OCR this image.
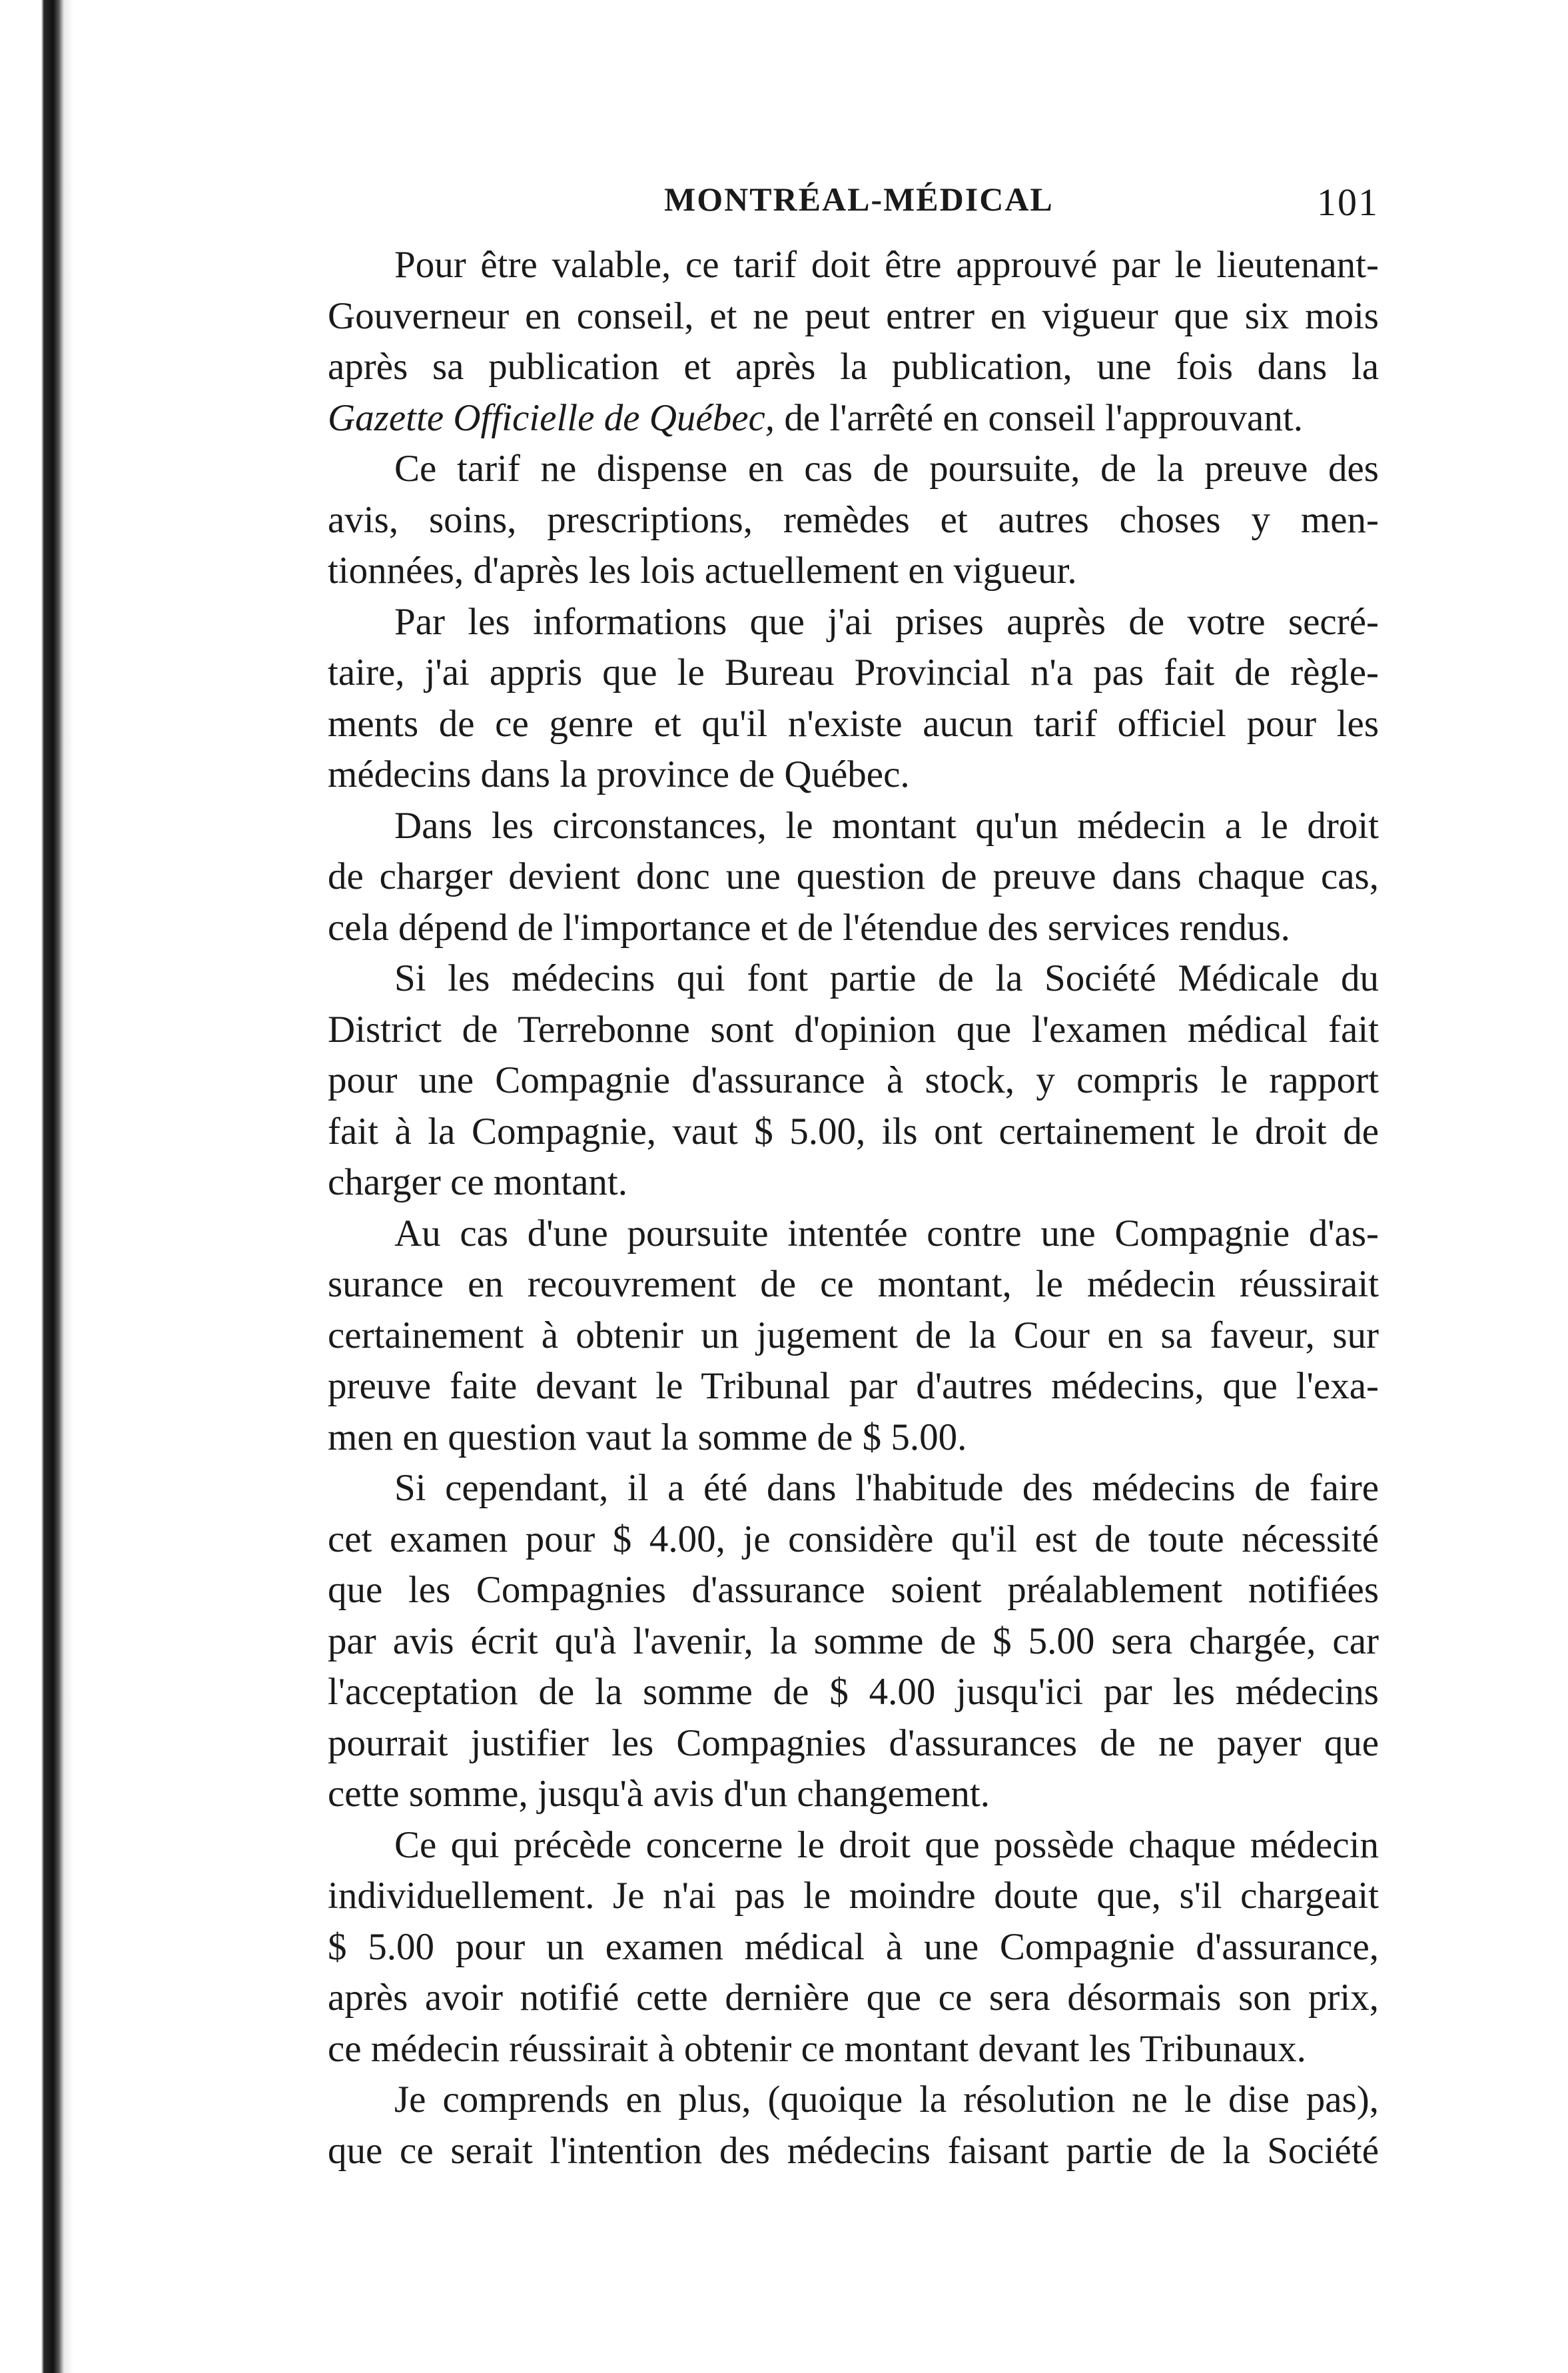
MONTRÉAL-MÉDICAL	101

Pour être valable, ce tarif doit être approuvé par le lieutenant-
Gouverneur en conseil, et ne peut entrer en vigueur que six mois
après sa publication et après la publication, une fois dans la
Gazette Officielle de Québec, de l'arrêté en conseil l'approuvant.

Ce tarif ne dispense en cas de poursuite, de la preuve des
avis, soins, prescriptions, remèdes et autres choses y men-
tionnées, d'après les lois actuellement en vigueur.

Par les informations que j'ai prises auprès de votre secré-
taire, j'ai appris que le Bureau Provincial n'a pas fait de règle-
ments de ce genre et qu'il n'existe aucun tarif officiel pour les
médecins dans la province de Québec.

Dans les circonstances, le montant qu'un médecin a le droit
de charger devient donc une question de preuve dans chaque cas,
cela dépend de l'importance et de l'étendue des services rendus.

Si les médecins qui font partie de la Société Médicale du
District de Terrebonne sont d'opinion que l'examen médical fait
pour une Compagnie d'assurance à stock, y compris le rapport
fait à la Compagnie, vaut $ 5.00, ils ont certainement le droit de
charger ce montant.

Au cas d'une poursuite intentée contre une Compagnie d'as-
surance en recouvrement de ce montant, le médecin réussirait
certainement à obtenir un jugement de la Cour en sa faveur, sur
preuve faite devant le Tribunal par d'autres médecins, que l'exa-
men en question vaut la somme de $ 5.00.

Si cependant, il a été dans l'habitude des médecins de faire
cet examen pour $ 4.00, je considère qu'il est de toute nécessité
que les Compagnies d'assurance soient préalablement notifiées
par avis écrit qu'à l'avenir, la somme de $ 5.00 sera chargée, car
l'acceptation de la somme de $ 4.00 jusqu'ici par les médecins
pourrait justifier les Compagnies d'assurances de ne payer que
cette somme, jusqu'à avis d'un changement.

Ce qui précède concerne le droit que possède chaque médecin
individuellement. Je n'ai pas le moindre doute que, s'il chargeait
$ 5.00 pour un examen médical à une Compagnie d'assurance,
après avoir notifié cette dernière que ce sera désormais son prix,
ce médecin réussirait à obtenir ce montant devant les Tribunaux.

Je comprends en plus, (quoique la résolution ne le dise pas),
que ce serait l'intention des médecins faisant partie de la Société
